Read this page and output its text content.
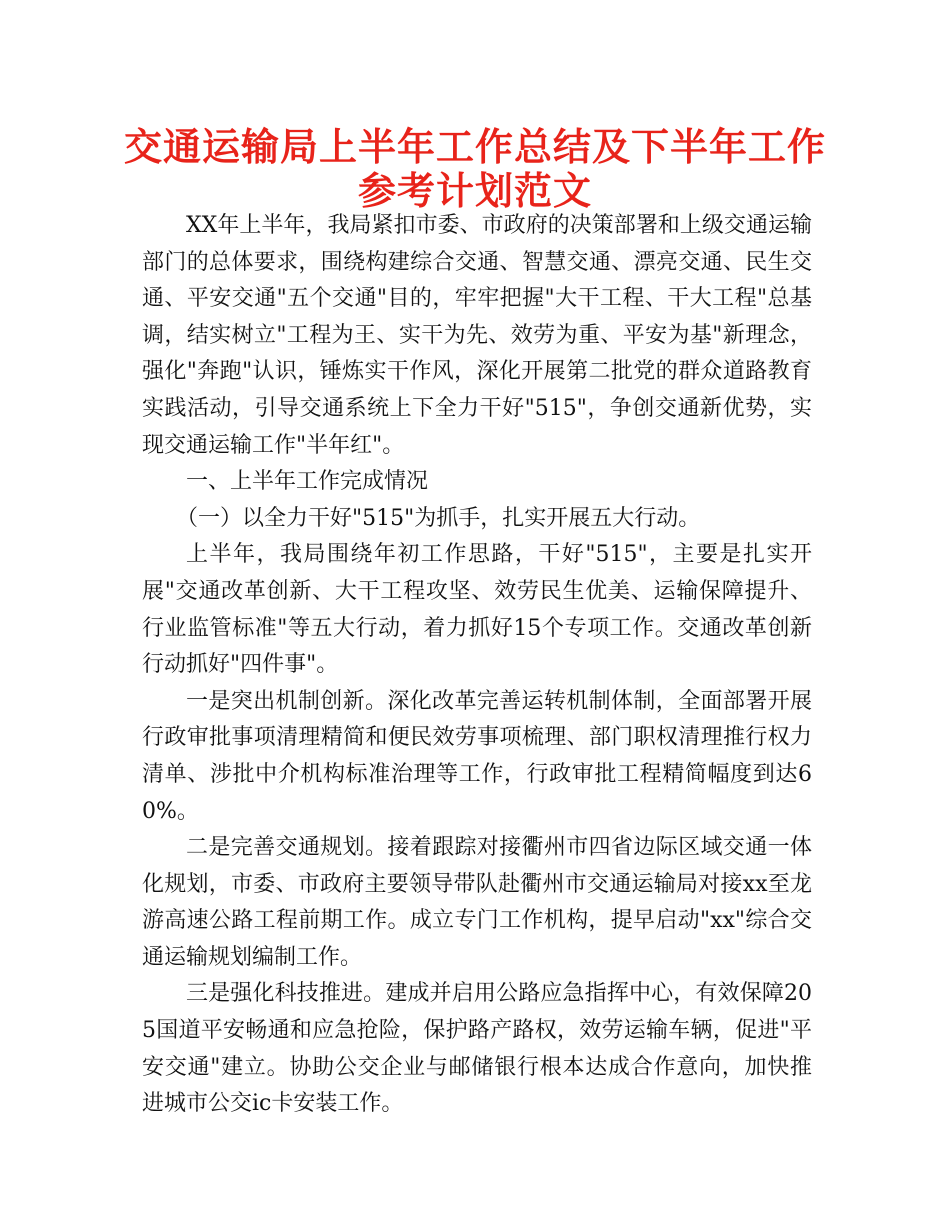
交通运输局上半年工作总结及下半年工作
参考计划范文

XX年上半年，我局紧扣市委、市政府的决策部署和上级交通运输部门的总体要求，围绕构建综合交通、智慧交通、漂亮交通、民生交通、平安交通"五个交通"目的，牢牢把握"大干工程、干大工程"总基调，结实树立"工程为王、实干为先、效劳为重、平安为基"新理念，强化"奔跑"认识，锤炼实干作风，深化开展第二批党的群众道路教育实践活动，引导交通系统上下全力干好"515"，争创交通新优势，实现交通运输工作"半年红"。

一、上半年工作完成情况

（一）以全力干好"515"为抓手，扎实开展五大行动。

上半年，我局围绕年初工作思路，干好"515"，主要是扎实开展"交通改革创新、大干工程攻坚、效劳民生优美、运输保障提升、行业监管标准"等五大行动，着力抓好15个专项工作。交通改革创新行动抓好"四件事"。

一是突出机制创新。深化改革完善运转机制体制，全面部署开展行政审批事项清理精简和便民效劳事项梳理、部门职权清理推行权力清单、涉批中介机构标准治理等工作，行政审批工程精简幅度到达60%。

二是完善交通规划。接着跟踪对接衢州市四省边际区域交通一体化规划，市委、市政府主要领导带队赴衢州市交通运输局对接xx至龙游高速公路工程前期工作。成立专门工作机构，提早启动"xx"综合交通运输规划编制工作。

三是强化科技推进。建成并启用公路应急指挥中心，有效保障205国道平安畅通和应急抢险，保护路产路权，效劳运输车辆，促进"平安交通"建立。协助公交企业与邮储银行根本达成合作意向，加快推进城市公交ic卡安装工作。
